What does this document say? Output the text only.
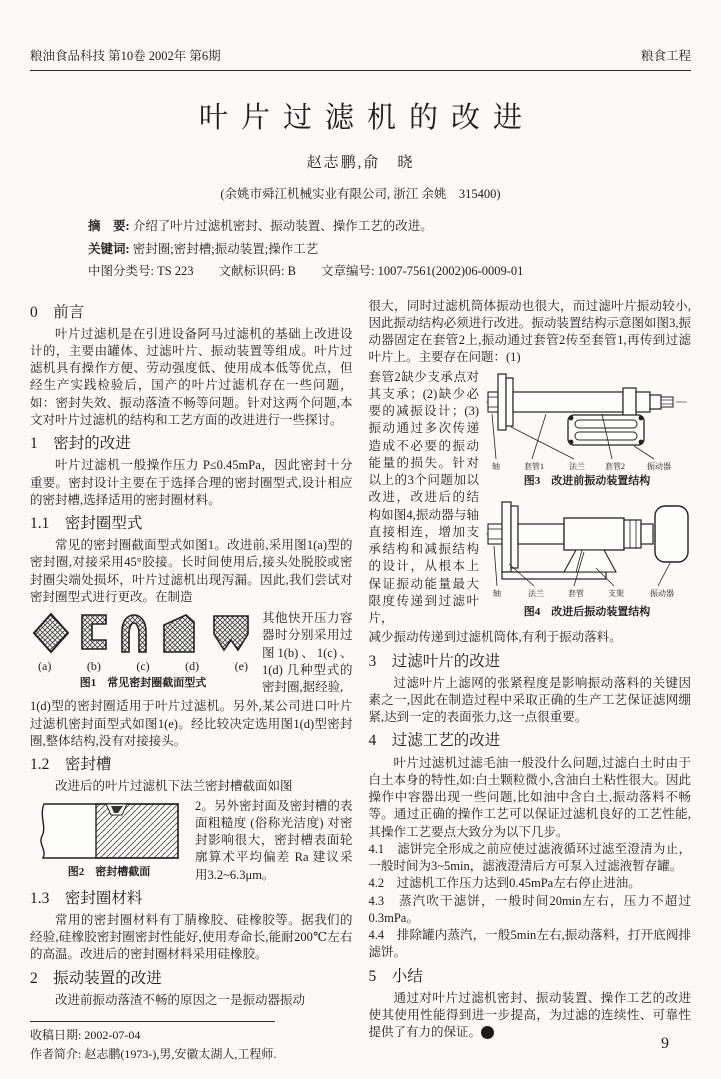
粮油食品科技 第10卷 2002年 第6期	粮食工程
叶片过滤机的改进
赵志鹏,俞　晓
(余姚市舜江机械实业有限公司, 浙江 余姚　315400)
摘　要: 介绍了叶片过滤机密封、振动装置、操作工艺的改进。
关键词: 密封圈;密封槽;振动装置;操作工艺
中图分类号: TS 223　　文献标识码: B　　文章编号: 1007-7561(2002)06-0009-01
0　前言

叶片过滤机是在引进设备阿马过滤机的基础上改进设计的，主要由罐体、过滤叶片、振动装置等组成。叶片过滤机具有操作方便、劳动强度低、使用成本低等优点，但经生产实践检验后，国产的叶片过滤机存在一些问题，如：密封失效、振动落渣不畅等问题。针对这两个问题,本文对叶片过滤机的结构和工艺方面的改进进行一些探讨。

1　密封的改进

叶片过滤机一般操作压力 P≤0.45mPa，因此密封十分重要。密封设计主要在于选择合理的密封圈型式,设计相应的密封槽,选择适用的密封圈材料。

1.1　密封圈型式

常见的密封圈截面型式如图1。改进前,采用图1(a)型的密封圈,对接采用45°胶接。长时间使用后,接头处脱胶或密封圈尖端处损坏，叶片过滤机出现泻漏。因此,我们尝试对密封圈型式进行更改。在制造

(a)	(b)	(c)	(d)	(e)
图1　常见密封圈截面型式

其他快开压力容器时分别采用过图1(b)、1(c)、1(d) 几种型式的密封圈,据经验,

1(d)型的密封圈适用于叶片过滤机。另外,某公司进口叶片过滤机密封面型式如图1(e)。经比较决定选用图1(d)型密封圈,整体结构,没有对接接头。

1.2　密封槽

改进后的叶片过滤机下法兰密封槽截面如图

图2　密封槽截面

2。另外密封面及密封槽的表面粗糙度 (俗称光洁度) 对密封影响很大，密封槽表面轮廓算术平均偏差 Ra 建议采用3.2~6.3μm。

1.3　密封圈材料

常用的密封圈材料有丁腈橡胶、硅橡胶等。据我们的经验,硅橡胶密封圈密封性能好,使用寿命长,能耐200℃左右的高温。改进后的密封圈材料采用硅橡胶。

2　振动装置的改进

改进前振动落渣不畅的原因之一是振动器振动

收稿日期: 2002-07-04
作者简介: 赵志鹏(1973-),男,安徽太湖人,工程师.

很大，同时过滤机筒体振动也很大，而过滤叶片振动较小,因此振动结构必须进行改进。振动装置结构示意图如图3,振动器固定在套管2上,振动通过套管2传至套管1,再传到过滤叶片上。主要存在问题：(1)

轴	套管1	法兰	套管2	振动器
图3　改进前振动装置结构
轴	法兰	套管	支架	振动器
图4　改进后振动装置结构

套管2缺少支承点对其支承；(2)缺少必要的减振设计；(3)振动通过多次传递造成不必要的振动能量的损失。针对以上的3个问题加以改进，改进后的结构如图4,振动器与轴直接相连，增加支承结构和减振结构的设计，从根本上保证振动能量最大限度传递到过滤叶片，

减少振动传递到过滤机筒体,有利于振动落料。

3　过滤叶片的改进

过滤叶片上滤网的张紧程度是影响振动落料的关键因素之一,因此在制造过程中采取正确的生产工艺保证滤网绷紧,达到一定的表面张力,这一点很重要。

4　过滤工艺的改进

叶片过滤机过滤毛油一般没什么问题,过滤白土时由于白土本身的特性,如:白土颗粒微小,含油白土粘性很大。因此操作中容器出现一些问题,比如油中含白土,振动落料不畅等。通过正确的操作工艺可以保证过滤机良好的工艺性能,其操作工艺要点大致分为以下几步。

4.1　滤饼完全形成之前应使过滤液循环过滤至澄清为止，一般时间为3~5min，滤液澄清后方可泵入过滤液暂存罐。

4.2　过滤机工作压力达到0.45mPa左右停止进油。

4.3　蒸汽吹干滤饼，一般时间20min左右，压力不超过0.3mPa。

4.4　排除罐内蒸汽，一般5min左右,振动落料，打开底阀排滤饼。

5　小结

通过对叶片过滤机密封、振动装置、操作工艺的改进使其使用性能得到进一步提高，为过滤的连续性、可靠性提供了有力的保证。	完

9
